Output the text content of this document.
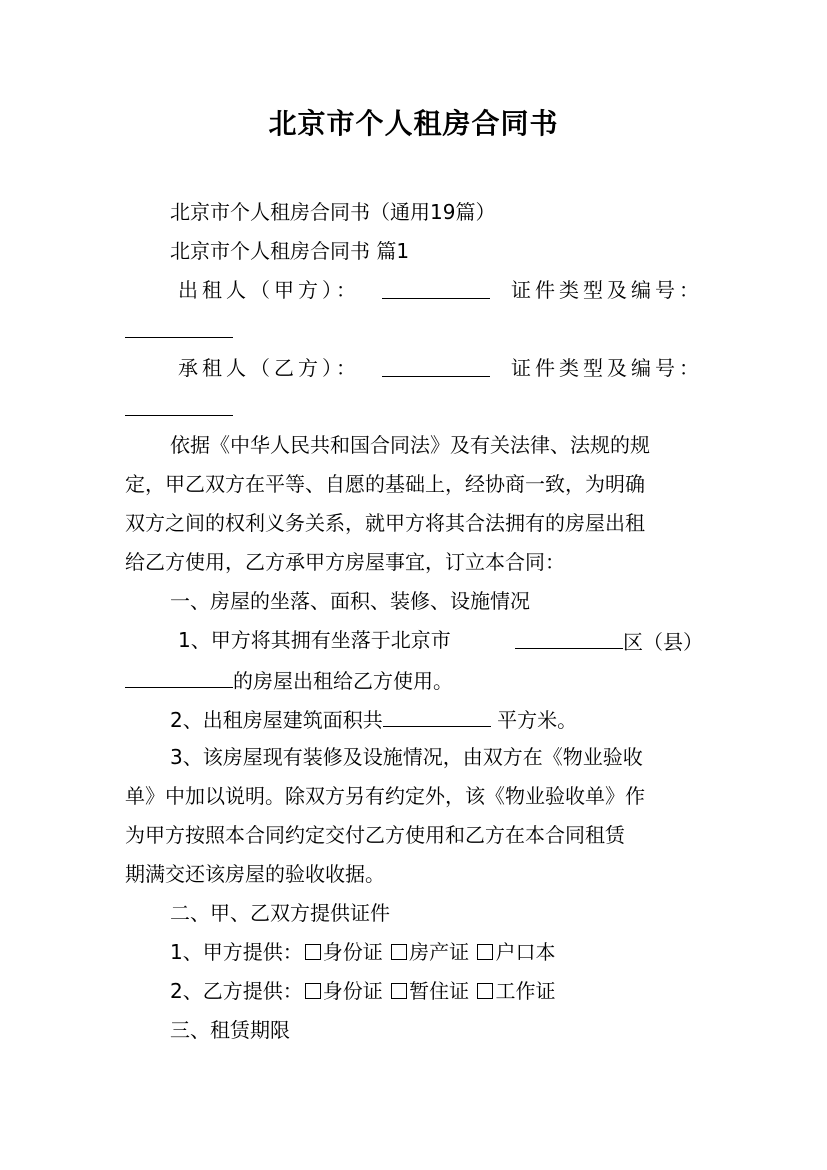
北京市个人租房合同书
北京市个人租房合同书（通用19篇）
北京市个人租房合同书 篇1
出租人（甲方）：	证件类型及编号：
承租人（乙方）：	证件类型及编号：
依据《中华人民共和国合同法》及有关法律、法规的规
定，甲乙双方在平等、自愿的基础上，经协商一致，为明确
双方之间的权利义务关系，就甲方将其合法拥有的房屋出租
给乙方使用，乙方承甲方房屋事宜，订立本合同：
一、房屋的坐落、面积、装修、设施情况
1、甲方将其拥有坐落于北京市	区（县）
的房屋出租给乙方使用。
2、出租房屋建筑面积共	平方米。
3、该房屋现有装修及设施情况，由双方在《物业验收
单》中加以说明。除双方另有约定外，该《物业验收单》作
为甲方按照本合同约定交付乙方使用和乙方在本合同租赁
期满交还该房屋的验收收据。
二、甲、乙双方提供证件
1、甲方提供： 身份证 房产证 户口本
2、乙方提供： 身份证 暂住证 工作证
三、租赁期限
